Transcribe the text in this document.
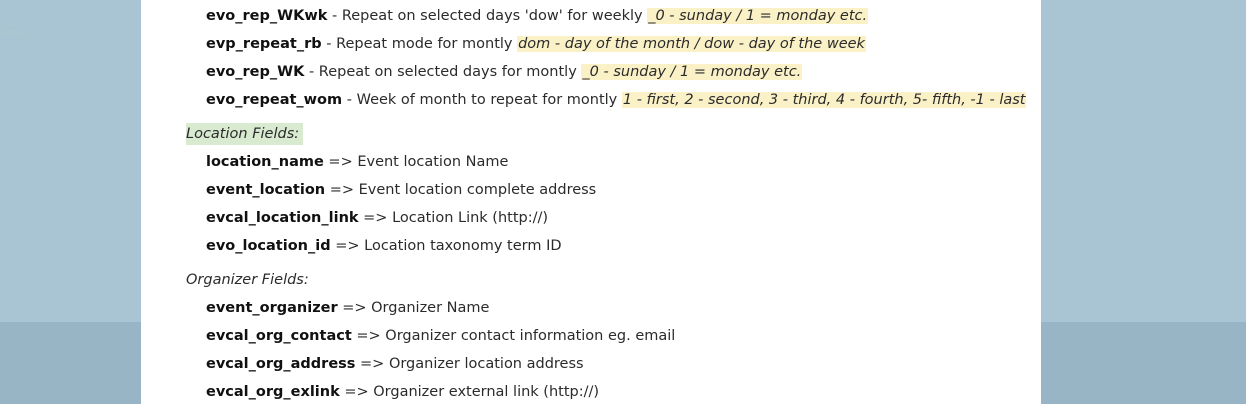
......
evo_rep_WKwk - Repeat on selected days 'dow' for weekly _0 - sunday / 1 = monday etc.
evp_repeat_rb - Repeat mode for montly dom - day of the month / dow - day of the week
evo_rep_WK - Repeat on selected days for montly _0 - sunday / 1 = monday etc.
evo_repeat_wom - Week of month to repeat for montly 1 - first, 2 - second, 3 - third, 4 - fourth, 5- fifth, -1 - last
Location Fields:
location_name => Event location Name
event_location => Event location complete address
evcal_location_link => Location Link (http://)
evo_location_id => Location taxonomy term ID
Organizer Fields:
event_organizer => Organizer Name
evcal_org_contact => Organizer contact information eg. email
evcal_org_address => Organizer location address
evcal_org_exlink => Organizer external link (http://)
